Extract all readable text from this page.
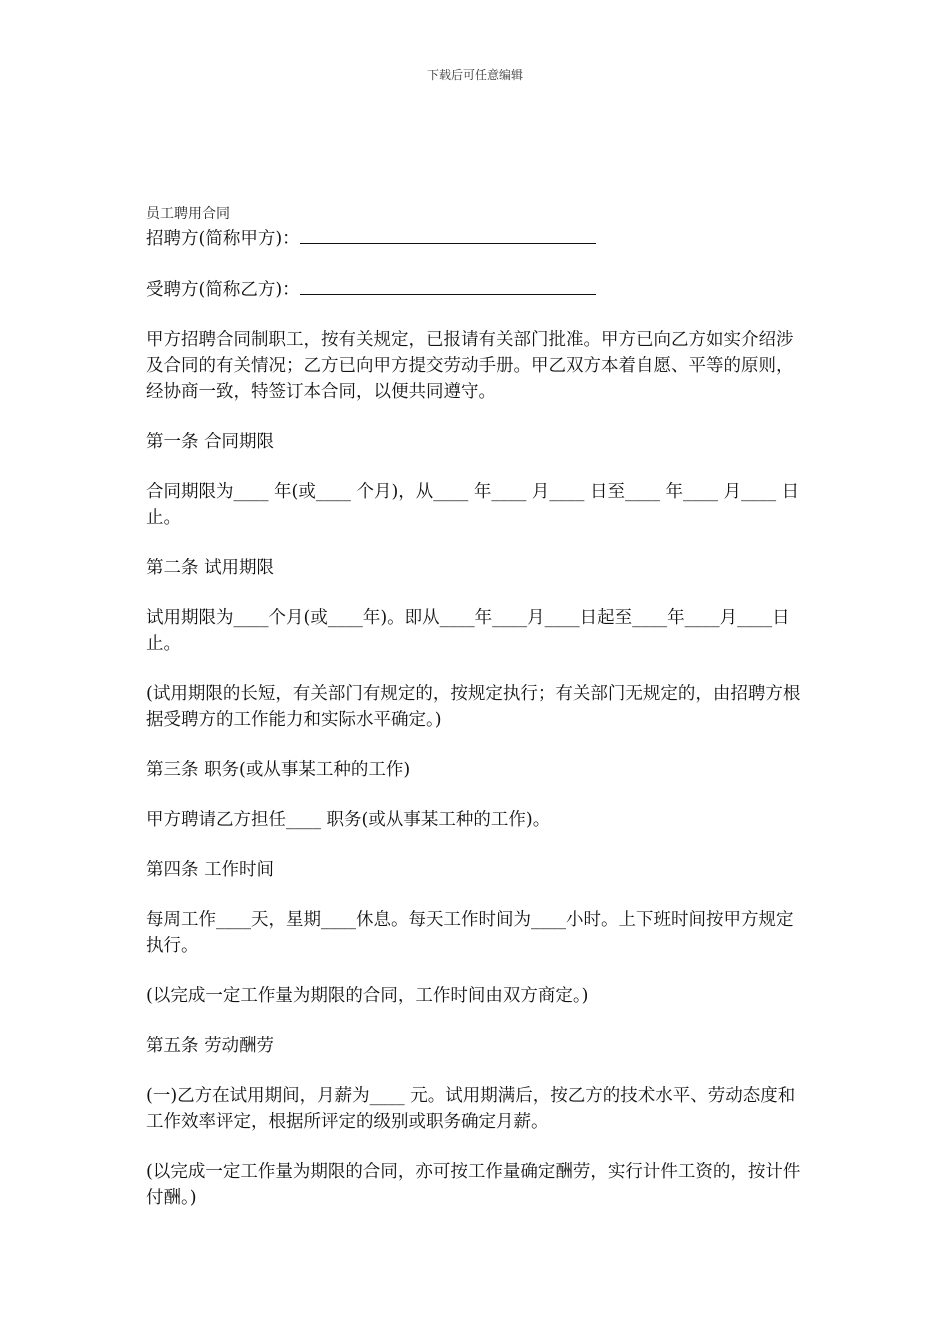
下载后可任意编辑
员工聘用合同

招聘方(简称甲方)：

受聘方(简称乙方)：

甲方招聘合同制职工，按有关规定，已报请有关部门批准。甲方已向乙方如实介绍涉及合同的有关情况；乙方已向甲方提交劳动手册。甲乙双方本着自愿、平等的原则，经协商一致，特签订本合同，以便共同遵守。

第一条 合同期限

合同期限为____ 年(或____ 个月)，从____ 年____ 月____ 日至____ 年____ 月____ 日止。

第二条 试用期限

试用期限为____个月(或____年)。即从____年____月____日起至____年____月____日止。

(试用期限的长短，有关部门有规定的，按规定执行；有关部门无规定的，由招聘方根据受聘方的工作能力和实际水平确定。)

第三条 职务(或从事某工种的工作)

甲方聘请乙方担任____ 职务(或从事某工种的工作)。

第四条 工作时间

每周工作____天，星期____休息。每天工作时间为____小时。上下班时间按甲方规定执行。

(以完成一定工作量为期限的合同，工作时间由双方商定。)

第五条 劳动酬劳

(一)乙方在试用期间，月薪为____ 元。试用期满后，按乙方的技术水平、劳动态度和工作效率评定，根据所评定的级别或职务确定月薪。

(以完成一定工作量为期限的合同，亦可按工作量确定酬劳，实行计件工资的，按计件付酬。)
